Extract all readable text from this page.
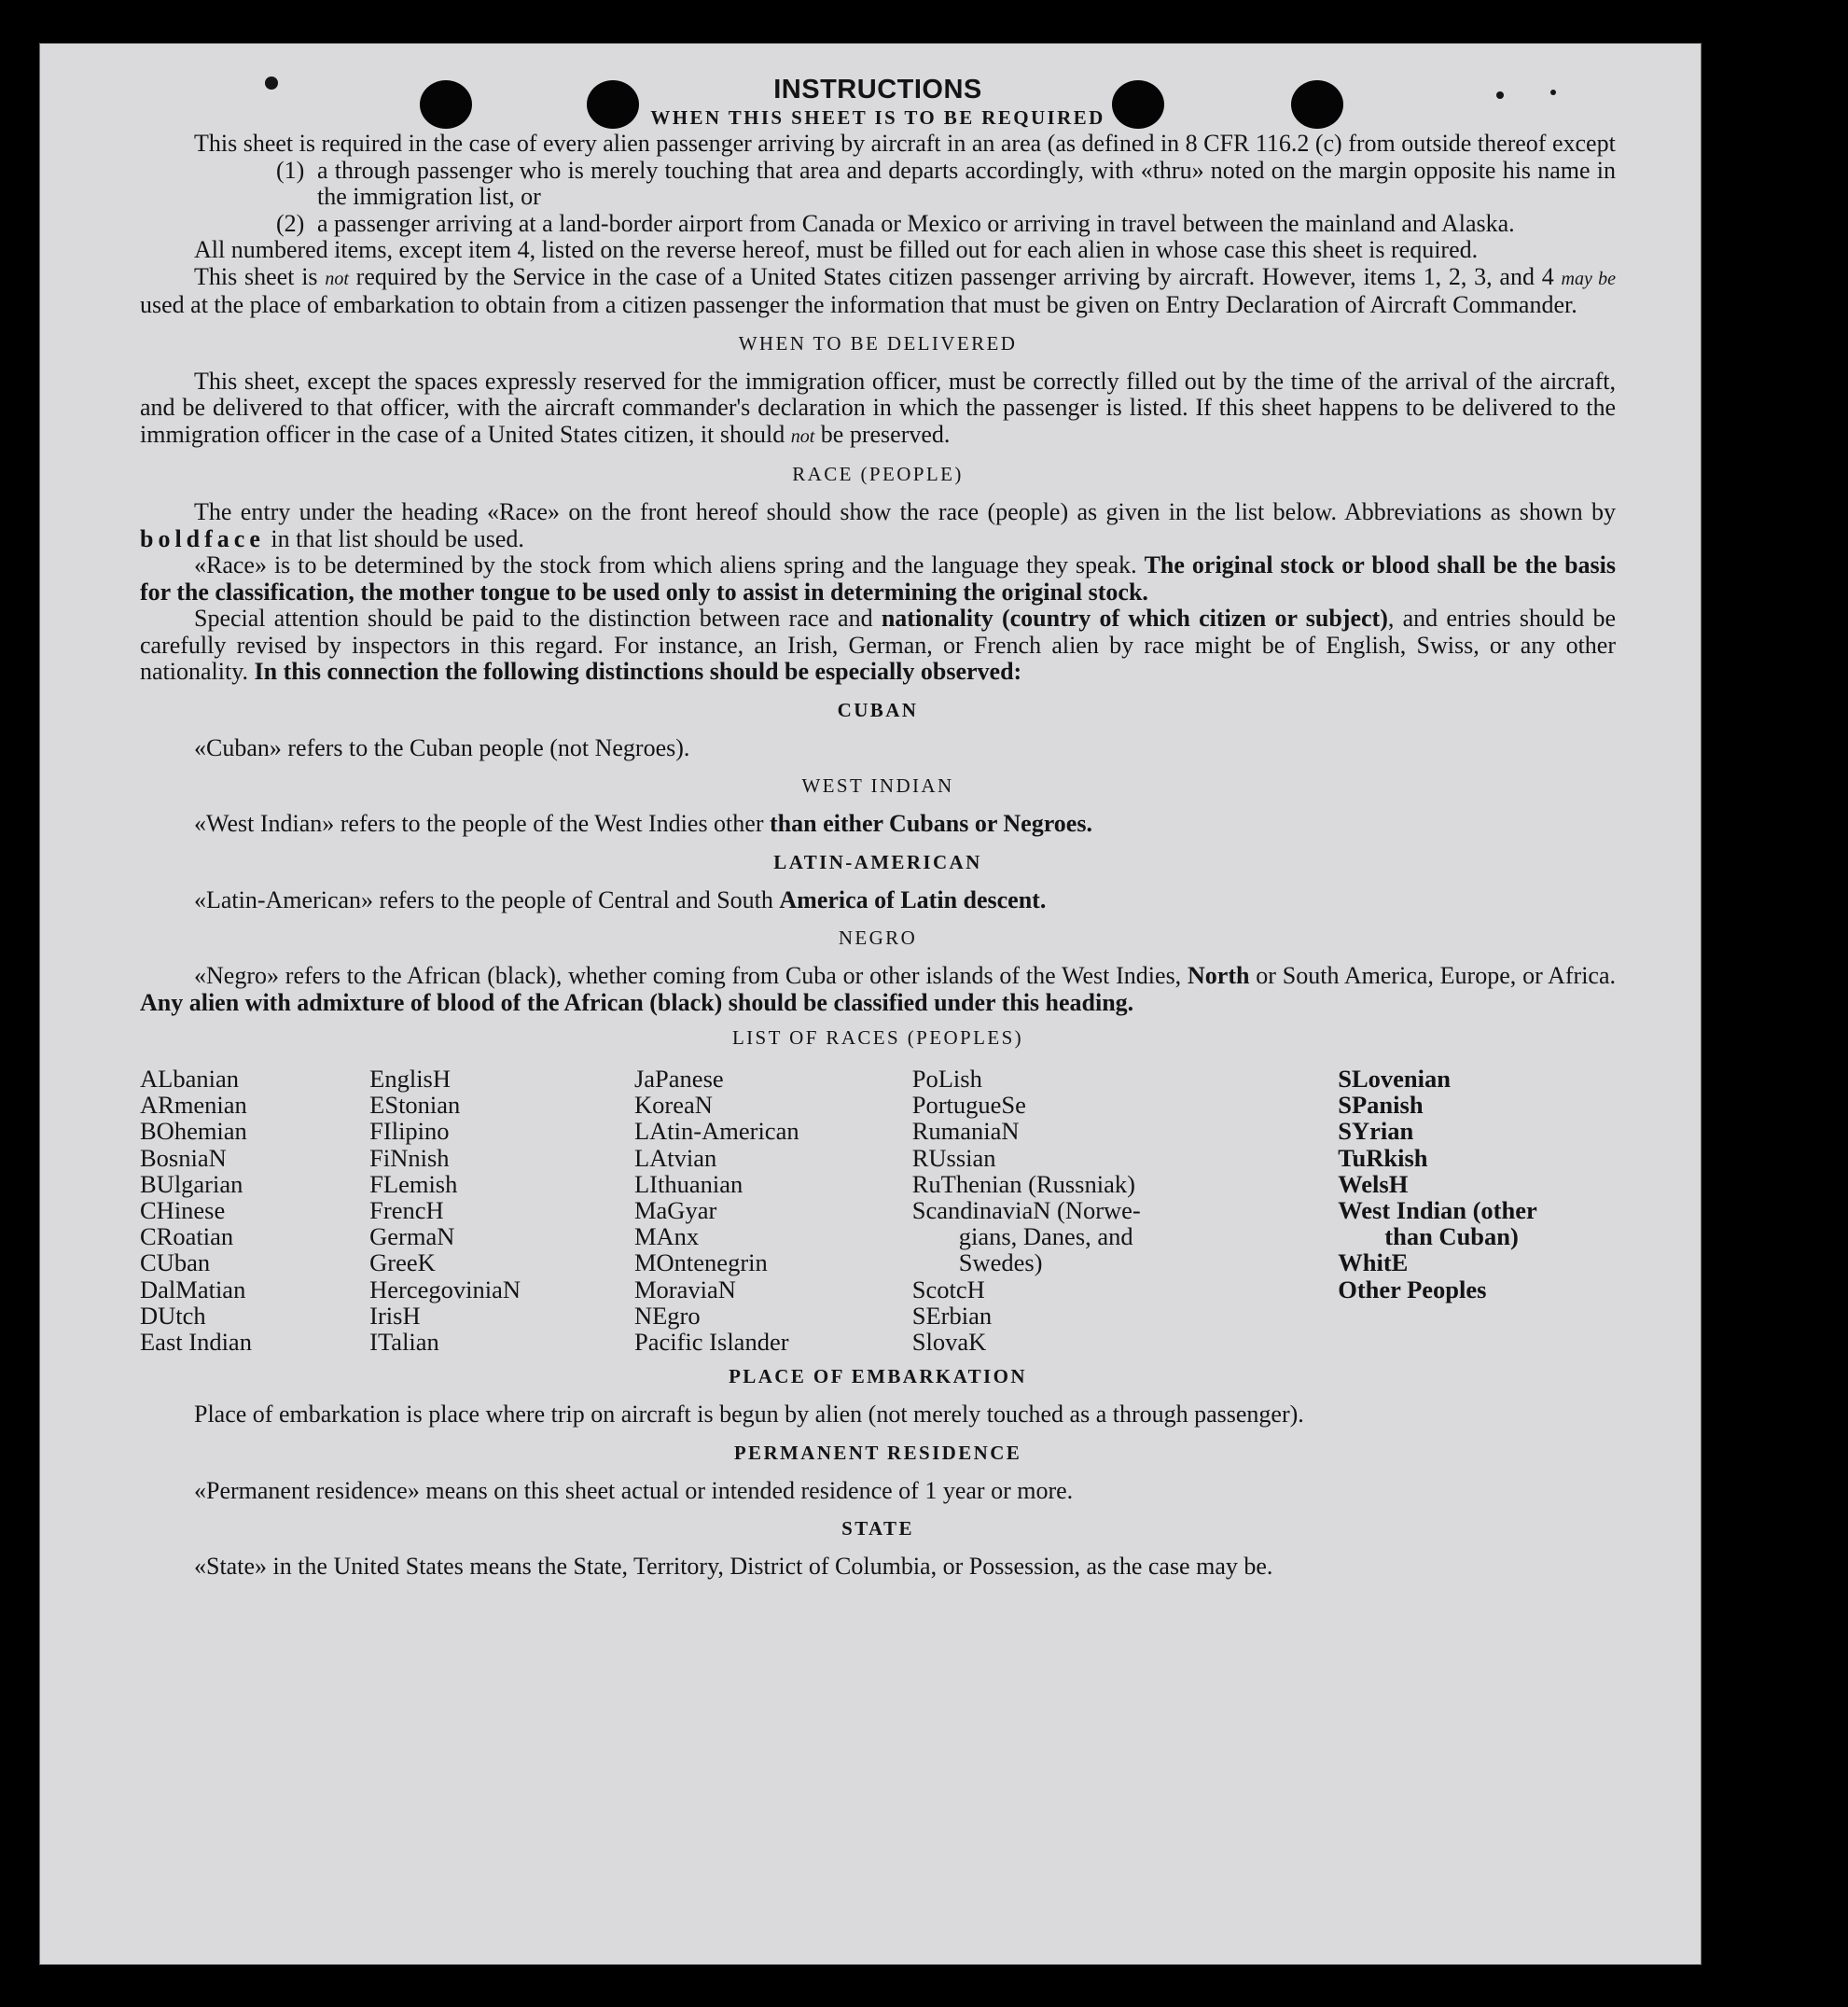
INSTRUCTIONS
WHEN THIS SHEET IS TO BE REQUIRED

This sheet is required in the case of every alien passenger arriving by aircraft in an area (as defined in 8 CFR 116.2 (c) from outside thereof except

(1) a through passenger who is merely touching that area and departs accordingly, with «thru» noted on the margin opposite his name in the immigration list, or
(2) a passenger arriving at a land-border airport from Canada or Mexico or arriving in travel between the mainland and Alaska.

All numbered items, except item 4, listed on the reverse hereof, must be filled out for each alien in whose case this sheet is required.

This sheet is not required by the Service in the case of a United States citizen passenger arriving by aircraft. However, items 1, 2, 3, and 4 may be used at the place of embarkation to obtain from a citizen passenger the information that must be given on Entry Declaration of Aircraft Commander.

WHEN TO BE DELIVERED

This sheet, except the spaces expressly reserved for the immigration officer, must be correctly filled out by the time of the arrival of the aircraft, and be delivered to that officer, with the aircraft commander's declaration in which the passenger is listed. If this sheet happens to be delivered to the immigration officer in the case of a United States citizen, it should not be preserved.

RACE (PEOPLE)

The entry under the heading «Race» on the front hereof should show the race (people) as given in the list below. Abbreviations as shown by boldface in that list should be used.

«Race» is to be determined by the stock from which aliens spring and the language they speak. The original stock or blood shall be the basis for the classification, the mother tongue to be used only to assist in determining the original stock.

Special attention should be paid to the distinction between race and nationality (country of which citizen or subject), and entries should be carefully revised by inspectors in this regard. For instance, an Irish, German, or French alien by race might be of English, Swiss, or any other nationality. In this connection the following distinctions should be especially observed:

CUBAN

«Cuban» refers to the Cuban people (not Negroes).

WEST INDIAN

«West Indian» refers to the people of the West Indies other than either Cubans or Negroes.

LATIN-AMERICAN

«Latin-American» refers to the people of Central and South America of Latin descent.

NEGRO

«Negro» refers to the African (black), whether coming from Cuba or other islands of the West Indies, North or South America, Europe, or Africa. Any alien with admixture of blood of the African (black) should be classified under this heading.

LIST OF RACES (PEOPLES)
ALbanian
ARmenian
BOhemian
BosniaN
BUlgarian
CHinese
CRoatian
CUban
DalMatian
DUtch
East Indian
EnglisH
EStonian
FIlipino
FiNnish
FLemish
FrencH
GermaN
GreeK
HercegoviniaN
IrisH
ITalian
JaPanese
KoreaN
LAtin-American
LAtvian
LIthuanian
MaGyar
MAnx
MOntenegrin
MoraviaN
NEgro
Pacific Islander
PoLish
PortugueSe
RumaniaN
RUssian
RuThenian (Russniak)
ScandinaviaN (Norwe-
gians, Danes, and
Swedes)
ScotcH
SErbian
SlovaK
SLovenian
SPanish
SYrian
TuRkish
WelsH
West Indian (other
than Cuban)
WhitE
Other Peoples
PLACE OF EMBARKATION

Place of embarkation is place where trip on aircraft is begun by alien (not merely touched as a through passenger).

PERMANENT RESIDENCE

«Permanent residence» means on this sheet actual or intended residence of 1 year or more.

STATE

«State» in the United States means the State, Territory, District of Columbia, or Possession, as the case may be.
